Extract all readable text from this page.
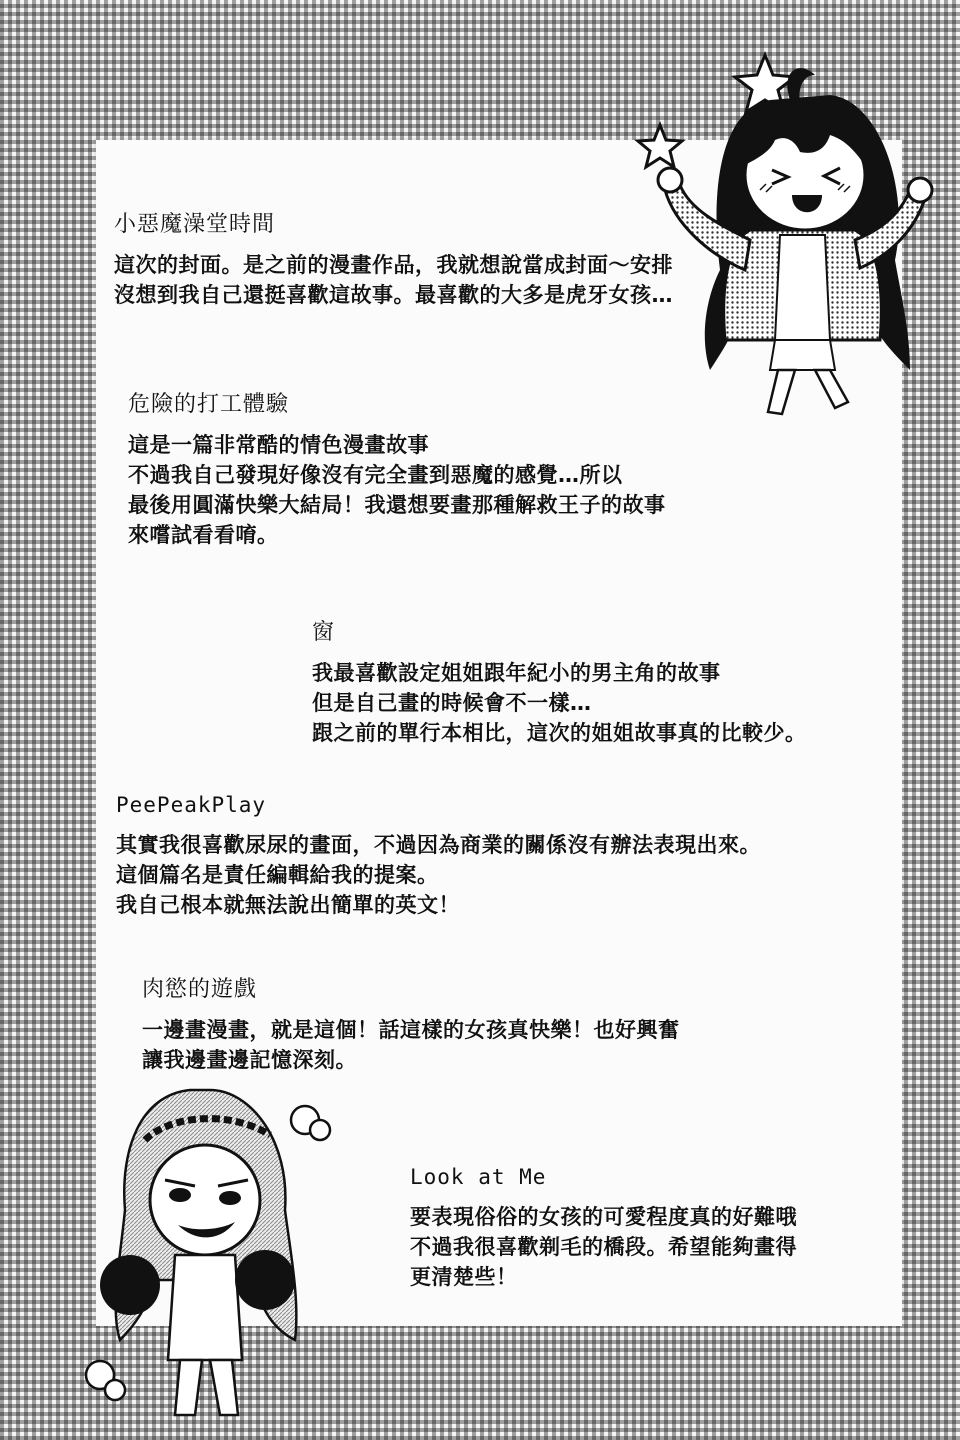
小惡魔澡堂時間
這次的封面。是之前的漫畫作品，我就想說當成封面～安排
沒想到我自己還挺喜歡這故事。最喜歡的大多是虎牙女孩…
危險的打工體驗
這是一篇非常酷的情色漫畫故事
不過我自己發現好像沒有完全畫到惡魔的感覺…所以
最後用圓滿快樂大結局！我還想要畫那種解救王子的故事
來嚐試看看唷。
窗
我最喜歡設定姐姐跟年紀小的男主角的故事
但是自己畫的時候會不一樣…
跟之前的單行本相比，這次的姐姐故事真的比較少。
PeePeakPlay
其實我很喜歡尿尿的畫面，不過因為商業的關係沒有辦法表現出來。
這個篇名是責任編輯給我的提案。
我自己根本就無法說出簡單的英文！
肉慾的遊戲
一邊畫漫畫，就是這個！話這樣的女孩真快樂！也好興奮
讓我邊畫邊記憶深刻。
Look at Me
要表現俗俗的女孩的可愛程度真的好難哦
不過我很喜歡剃毛的橋段。希望能夠畫得
更清楚些！
